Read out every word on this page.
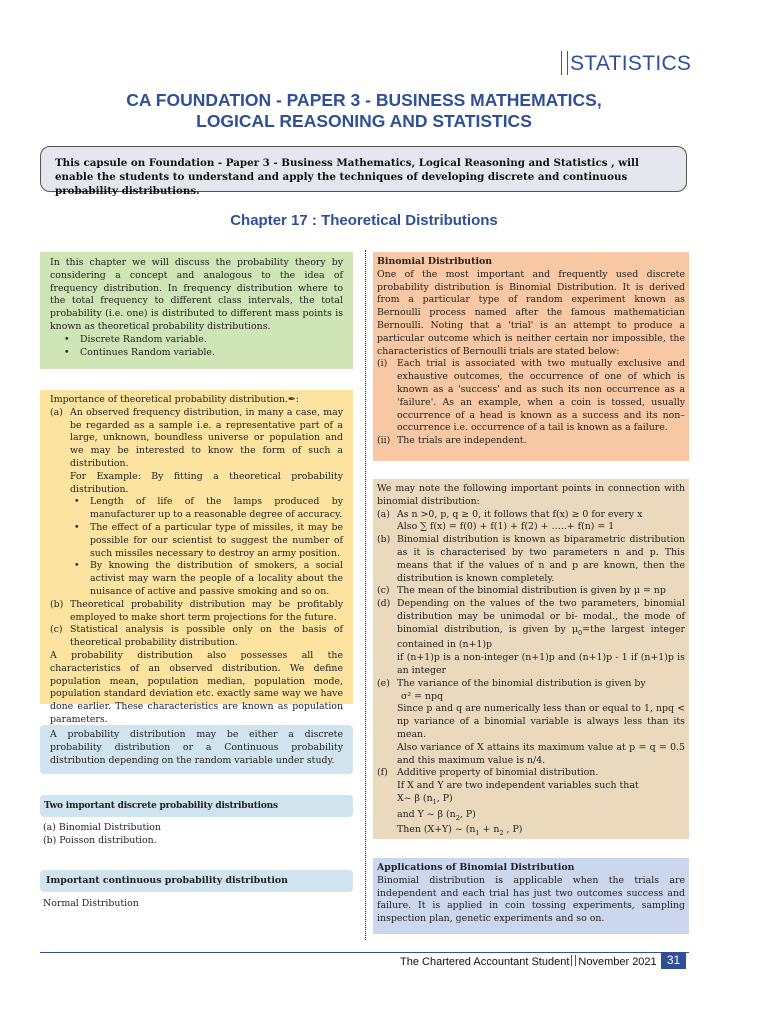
STATISTICS
CA FOUNDATION - PAPER 3 - BUSINESS MATHEMATICS,
LOGICAL REASONING AND STATISTICS
This capsule on Foundation - Paper 3 - Business Mathematics, Logical Reasoning and Statistics , will enable the students to understand and apply the techniques of developing discrete and continuous probability distributions.
Chapter 17 : Theoretical Distributions

In this chapter we will discuss the probability theory by considering a concept and analogous to the idea of frequency distribution. In frequency distribution where to the total frequency to different class intervals, the total probability (i.e. one) is distributed to different mass points is known as theoretical probability distributions.

•	Discrete Random variable.
•	Continues Random variable.

Importance of theoretical probability distribution.✒:

(a) An observed frequency distribution, in many a case, may be regarded as a sample i.e. a representative part of a large, unknown, boundless universe or population and we may be interested to know the form of such a distribution.

For Example: By fitting a theoretical probability distribution.

•	Length of life of the lamps produced by manufacturer up to a reasonable degree of accuracy.
•	The effect of a particular type of missiles, it may be possible for our scientist to suggest the number of such missiles necessary to destroy an army position.
•	By knowing the distribution of smokers, a social activist may warn the people of a locality about the nuisance of active and passive smoking and so on.
(b) Theoretical probability distribution may be profitably employed to make short term projections for the future.
(c) Statistical analysis is possible only on the basis of theoretical probability distribution.

A probability distribution also possesses all the characteristics of an observed distribution. We define population mean, population median, population mode, population standard deviation etc. exactly same way we have done earlier. These characteristics are known as population parameters.

A probability distribution may be either a discrete probability distribution or a Continuous probability distribution depending on the random variable under study.

Two important discrete probability distributions

(a) Binomial Distribution

(b) Poisson distribution.

Important continuous probability distribution
Normal Distribution

Binomial Distribution

One of the most important and frequently used discrete probability distribution is Binomial Distribution. It is derived from a particular type of random experiment known as Bernoulli process named after the famous mathematician Bernoulli. Noting that a 'trial' is an attempt to produce a particular outcome which is neither certain nor impossible, the characteristics of Bernoulli trials are stated below:

(i)	Each trial is associated with two mutually exclusive and exhaustive outcomes, the occurrence of one of which is known as a 'success' and as such its non occurrence as a 'failure'. As an example, when a coin is tossed, usually occurrence of a head is known as a success and its non–occurrence i.e. occurrence of a tail is known as a failure.
(ii) The trials are independent.

We may note the following important points in connection with binomial distribution:

(a) As n >0, p, q ≥ 0, it follows that f(x) ≥ 0 for every x

Also ∑ f(x) = f(0) + f(1) + f(2) + …..+ f(n) = 1

(b) Binomial distribution is known as biparametric distribution as it is characterised by two parameters n and p. This means that if the values of n and p are known, then the distribution is known completely.
(c) The mean of the binomial distribution is given by μ = np
(d) Depending on the values of the two parameters, binomial distribution may be unimodal or bi- modal., the mode of binomial distribution, is given by $\mu_0=the$ largest integer contained in (n+1)p

if (n+1)p is a non-integer (n+1)p and (n+1)p - 1 if (n+1)p is an integer

(e) The variance of the binomial distribution is given by

σ² = npq

Since p and q are numerically less than or equal to 1, npq < np variance of a binomial variable is always less than its mean.

Also variance of X attains its maximum value at p = q = 0.5 and this maximum value is n/4.

(f) Additive property of binomial distribution.

If X and Y are two independent variables such that

X~ β ($n_1$, P)

and Y ~ β ($n_2$, P)

Then (X+Y) ~ ($n_1 + n_2$ , P)

Applications of Binomial Distribution

Binomial distribution is applicable when the trials are independent and each trial has just two outcomes success and failure. It is applied in coin tossing experiments, sampling inspection plan, genetic experiments and so on.

The Chartered Accountant Student November 2021 31
